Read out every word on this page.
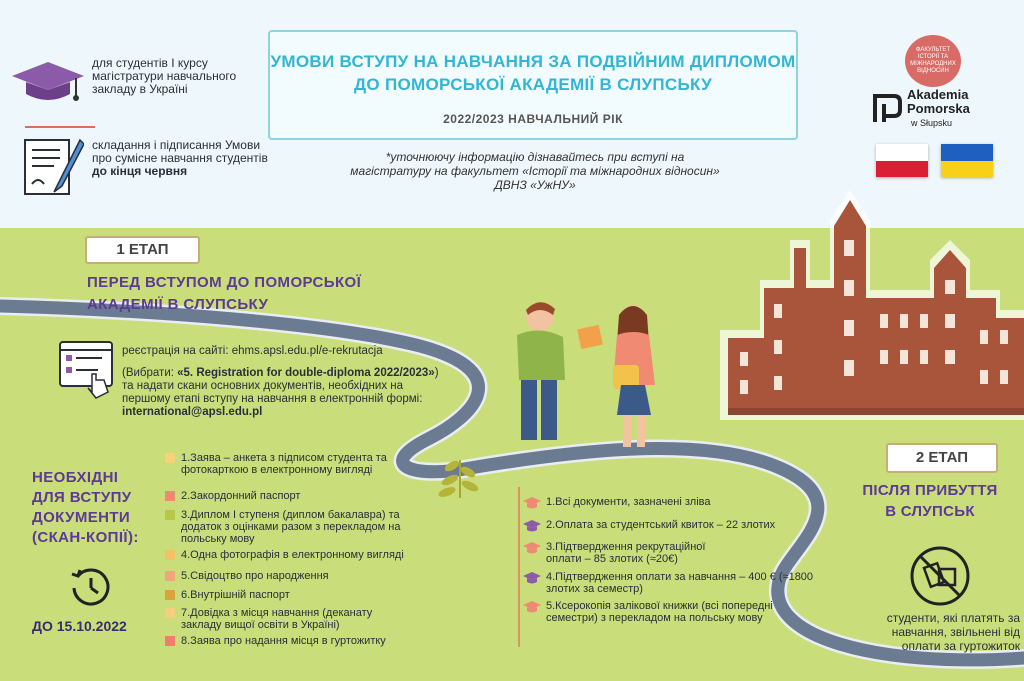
для студентів І курсу магістратури навчального закладу в Україні
складання і підписання Умови про сумісне навчання студентів до кінця червня
УМОВИ ВСТУПУ НА НАВЧАННЯ ЗА ПОДВІЙНИМ ДИПЛОМОМ
ДО ПОМОРСЬКОЇ АКАДЕМІЇ В СЛУПСЬКУ
2022/2023 НАВЧАЛЬНИЙ РІК
*уточнюючу інформацію дізнавайтесь при вступі на магістратуру на факультет «Історії та міжнародних відносин» ДВНЗ «УжНУ»
ФАКУЛЬТЕТ ІСТОРІЇ ТА МІЖНАРОДНИХ ВІДНОСИН
Akademia
Pomorska
w Słupsku
1 ЕТАП
ПЕРЕД ВСТУПОМ ДО ПОМОРСЬКОЇ
АКАДЕМІЇ В СЛУПСЬКУ

реєстрація на сайті: ehms.apsl.edu.pl/e-rekrutacja

(Вибрати: «5. Registration for double-diploma 2022/2023») та надати скани основних документів, необхідних на першому етапі вступу на навчання в електронній формі:

international@apsl.edu.pl

НЕОБХІДНІ
ДЛЯ ВСТУПУ
ДОКУМЕНТИ
(СКАН-КОПІЇ):
ДО 15.10.2022
1.Заява – анкета з підписом студента та фотокарткою в електронному вигляді
2.Закордонний паспорт
3.Диплом І ступеня (диплом бакалавра) та додаток з оцінками разом з перекладом на польську мову
4.Одна фотографія в електронному вигляді
5.Свідоцтво про народження
6.Внутрішній паспорт
7.Довідка з місця навчання (деканату закладу вищої освіти в Україні)
8.Заява про надання місця в гуртожитку
2 ЕТАП
ПІСЛЯ ПРИБУТТЯ
В СЛУПСЬК
1.Всі документи, зазначені зліва
2.Оплата за студентський квиток – 22 злотих
3.Підтвердження рекрутаційної оплати – 85 злотих (≈20€)
4.Підтвердження оплати за навчання – 400 € (≈1800 злотих за семестр)
5.Ксерокопія залікової книжки (всі попередні семестри) з перекладом на польську мову	студенти, які платять за навчання, звільнені від оплати за гуртожиток
